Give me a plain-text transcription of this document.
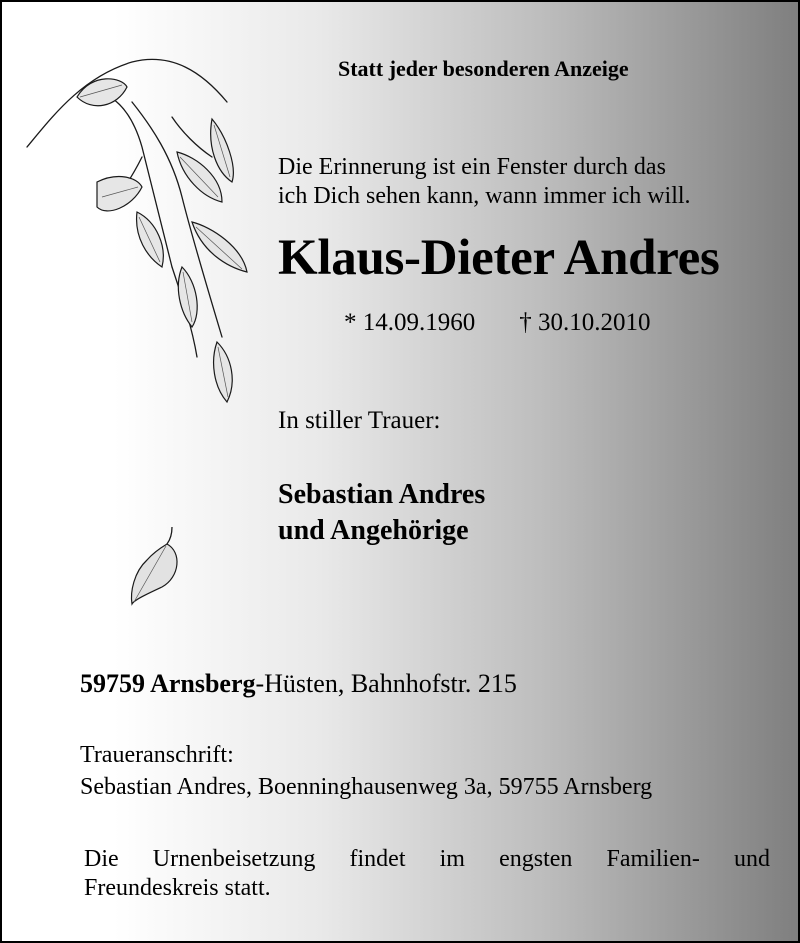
Statt jeder besonderen Anzeige

Die Erinnerung ist ein Fenster durch das
ich Dich sehen kann, wann immer ich will.

Klaus-Dieter Andres

* 14.09.1960 † 30.10.2010

In stiller Trauer:

Sebastian Andres
und Angehörige

59759 Arnsberg-Hüsten, Bahnhofstr. 215

Traueranschrift:

Sebastian Andres, Boenninghausenweg 3a, 59755 Arnsberg

Die Urnenbeisetzung findet im engsten Familien- und
Freundeskreis statt.
